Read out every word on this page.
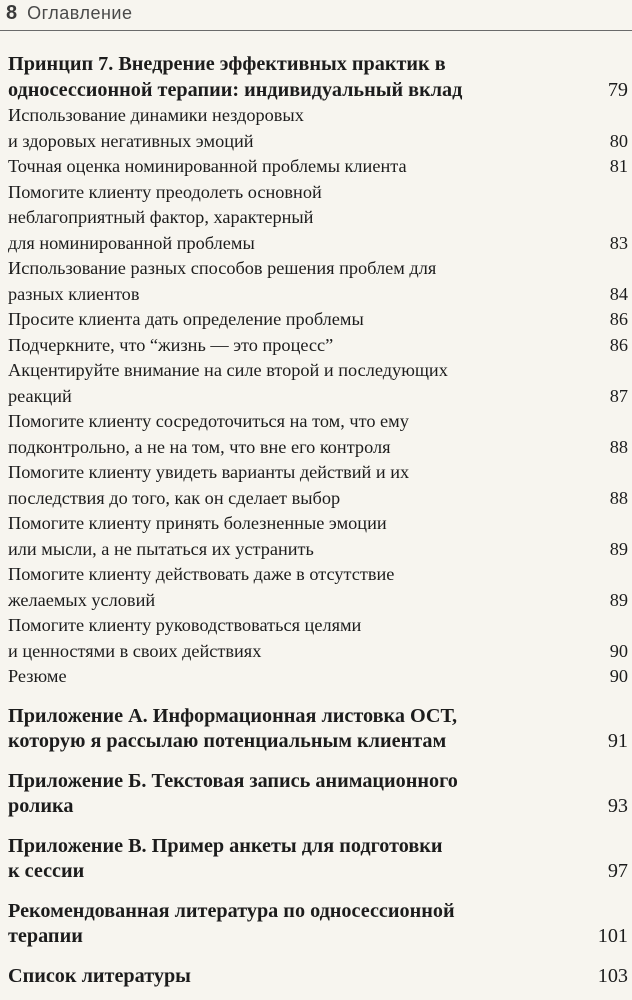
8 Оглавление
Принцип 7. Внедрение эффективных практик в
односессионной терапии: индивидуальный вклад	79
Использование динамики нездоровых
и здоровых негативных эмоций	80
Точная оценка номинированной проблемы клиента	81
Помогите клиенту преодолеть основной
неблагоприятный фактор, характерный
для номинированной проблемы	83
Использование разных способов решения проблем для
разных клиентов	84
Просите клиента дать определение проблемы	86
Подчеркните, что “жизнь — это процесс”	86
Акцентируйте внимание на силе второй и последующих
реакций	87
Помогите клиенту сосредоточиться на том, что ему
подконтрольно, а не на том, что вне его контроля	88
Помогите клиенту увидеть варианты действий и их
последствия до того, как он сделает выбор	88
Помогите клиенту принять болезненные эмоции
или мысли, а не пытаться их устранить	89
Помогите клиенту действовать даже в отсутствие
желаемых условий	89
Помогите клиенту руководствоваться целями
и ценностями в своих действиях	90
Резюме	90
Приложение А. Информационная листовка ОСТ,
которую я рассылаю потенциальным клиентам	91
Приложение Б. Текстовая запись анимационного
ролика	93
Приложение В. Пример анкеты для подготовки
к сессии	97
Рекомендованная литература по односессионной
терапии	101
Список литературы	103
